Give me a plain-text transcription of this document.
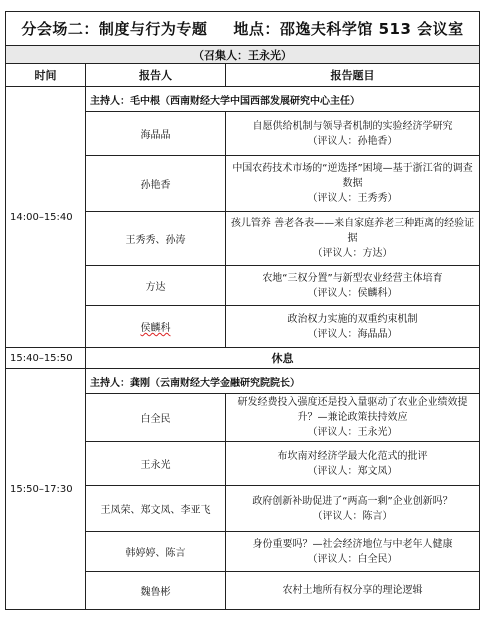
分会场二：制度与行为专题 地点：邵逸夫科学馆 513 会议室		
（召集人：王永光）		
时间	报告人	报告题目
14:00–15:40	主持人：毛中根（西南财经大学中国西部发展研究中心主任）	
	海晶晶	自愿供给机制与领导者机制的实验经济学研究
（评议人：孙艳香）

	孙艳香	中国农药技术市场的“逆选择”困境—基于浙江省的调查数据
（评议人：王秀秀）

	王秀秀、孙涛	孩儿管养 善老各表——来自家庭养老三种距离的经验证据
（评议人：方达）

	方达	农地“三权分置”与新型农业经营主体培育
（评议人：侯麟科）

	侯麟科	政治权力实施的双重约束机制
（评议人：海晶晶）

15:40–15:50	休息	
15:50–17:30	主持人：龚刚（云南财经大学金融研究院院长）	
	白全民	研发经费投入强度还是投入量驱动了农业企业绩效提升？—兼论政策扶持效应
（评议人：王永光）

	王永光	布坎南对经济学最大化范式的批评
（评议人：郑文凤）

	王凤荣、郑文凤、李亚飞	政府创新补助促进了“两高一剩”企业创新吗？
（评议人：陈言）

	韩婷婷、陈言	身份重要吗？—社会经济地位与中老年人健康
（评议人：白全民）

	魏鲁彬	农村土地所有权分享的理论逻辑
